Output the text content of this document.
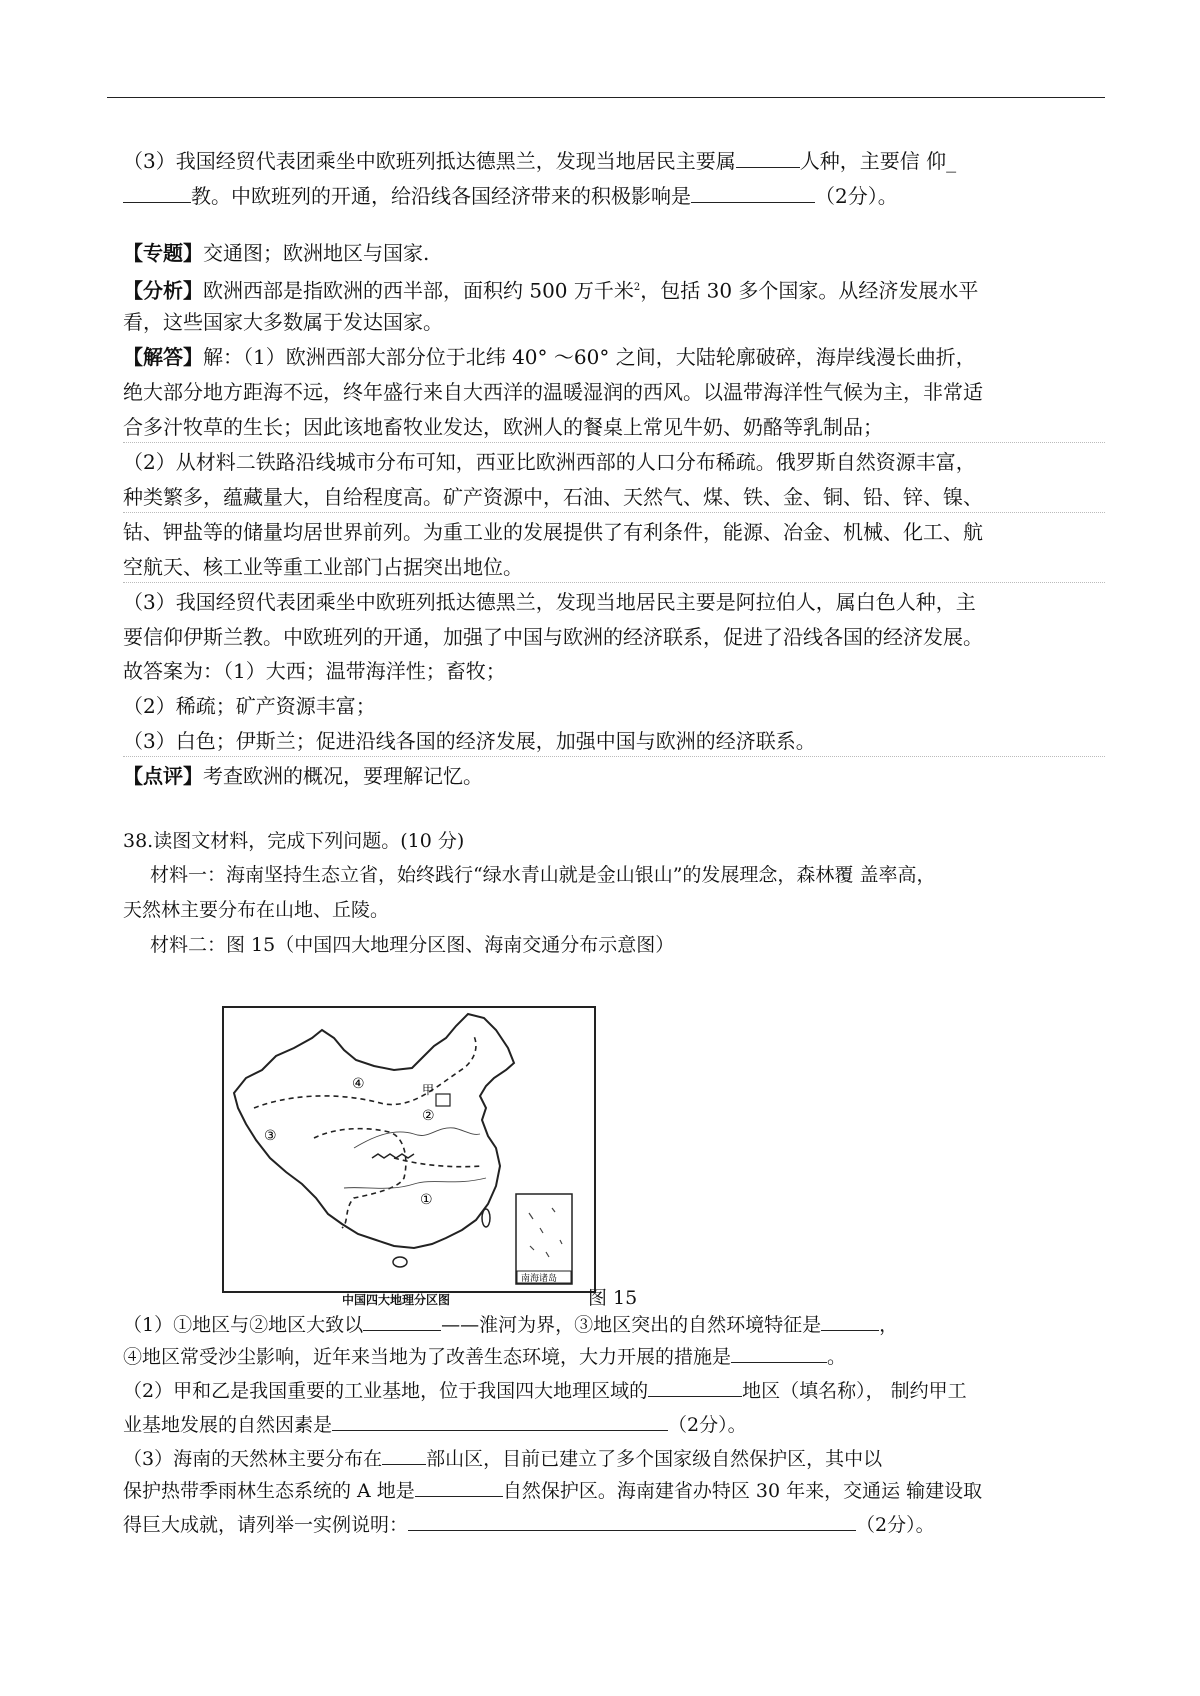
（3）我国经贸代表团乘坐中欧班列抵达德黑兰，发现当地居民主要属	人种，主要信 仰_
教。中欧班列的开通，给沿线各国经济带来的积极影响是	（2分）。
【专题】交通图；欧洲地区与国家.
【分析】欧洲西部是指欧洲的西半部，面积约 500 万千米$^2$，包括 30 多个国家。从经济发展水平
看，这些国家大多数属于发达国家。
【解答】解：（1）欧洲西部大部分位于北纬 40° ～60° 之间，大陆轮廓破碎，海岸线漫长曲折，
绝大部分地方距海不远，终年盛行来自大西洋的温暖湿润的西风。以温带海洋性气候为主，非常适
合多汁牧草的生长；因此该地畜牧业发达，欧洲人的餐桌上常见牛奶、奶酪等乳制品；
（2）从材料二铁路沿线城市分布可知，西亚比欧洲西部的人口分布稀疏。俄罗斯自然资源丰富，
种类繁多，蕴藏量大，自给程度高。矿产资源中，石油、天然气、煤、铁、金、铜、铅、锌、镍、
钴、钾盐等的储量均居世界前列。为重工业的发展提供了有利条件，能源、冶金、机械、化工、航
空航天、核工业等重工业部门占据突出地位。
（3）我国经贸代表团乘坐中欧班列抵达德黑兰，发现当地居民主要是阿拉伯人，属白色人种，主
要信仰伊斯兰教。中欧班列的开通，加强了中国与欧洲的经济联系，促进了沿线各国的经济发展。
故答案为：（1）大西；温带海洋性；畜牧；
（2）稀疏；矿产资源丰富；
（3）白色；伊斯兰；促进沿线各国的经济发展，加强中国与欧洲的经济联系。
【点评】考查欧洲的概况，要理解记忆。
38.读图文材料，完成下列问题。(10 分)
材料一：海南坚持生态立省，始终践行“绿水青山就是金山银山”的发展理念，森林覆 盖率高，
天然林主要分布在山地、丘陵。
材料二：图 15（中国四大地理分区图、海南交通分布示意图）
①
②
③
④	甲
南海诸岛
中国四大地理分区图	图 15
（1）①地区与②地区大致以	——淮河为界，③地区突出的自然环境特征是	，
④地区常受沙尘影响，近年来当地为了改善生态环境，大力开展的措施是	。
（2）甲和乙是我国重要的工业基地，位于我国四大地理区域的	地区（填名称）， 制约甲工
业基地发展的自然因素是	（2分）。
（3）海南的天然林主要分布在 部山区，目前已建立了多个国家级自然保护区，其中以
保护热带季雨林生态系统的 A 地是	自然保护区。海南建省办特区 30 年来，交通运 输建设取
得巨大成就，请列举一实例说明：	（2分）。
